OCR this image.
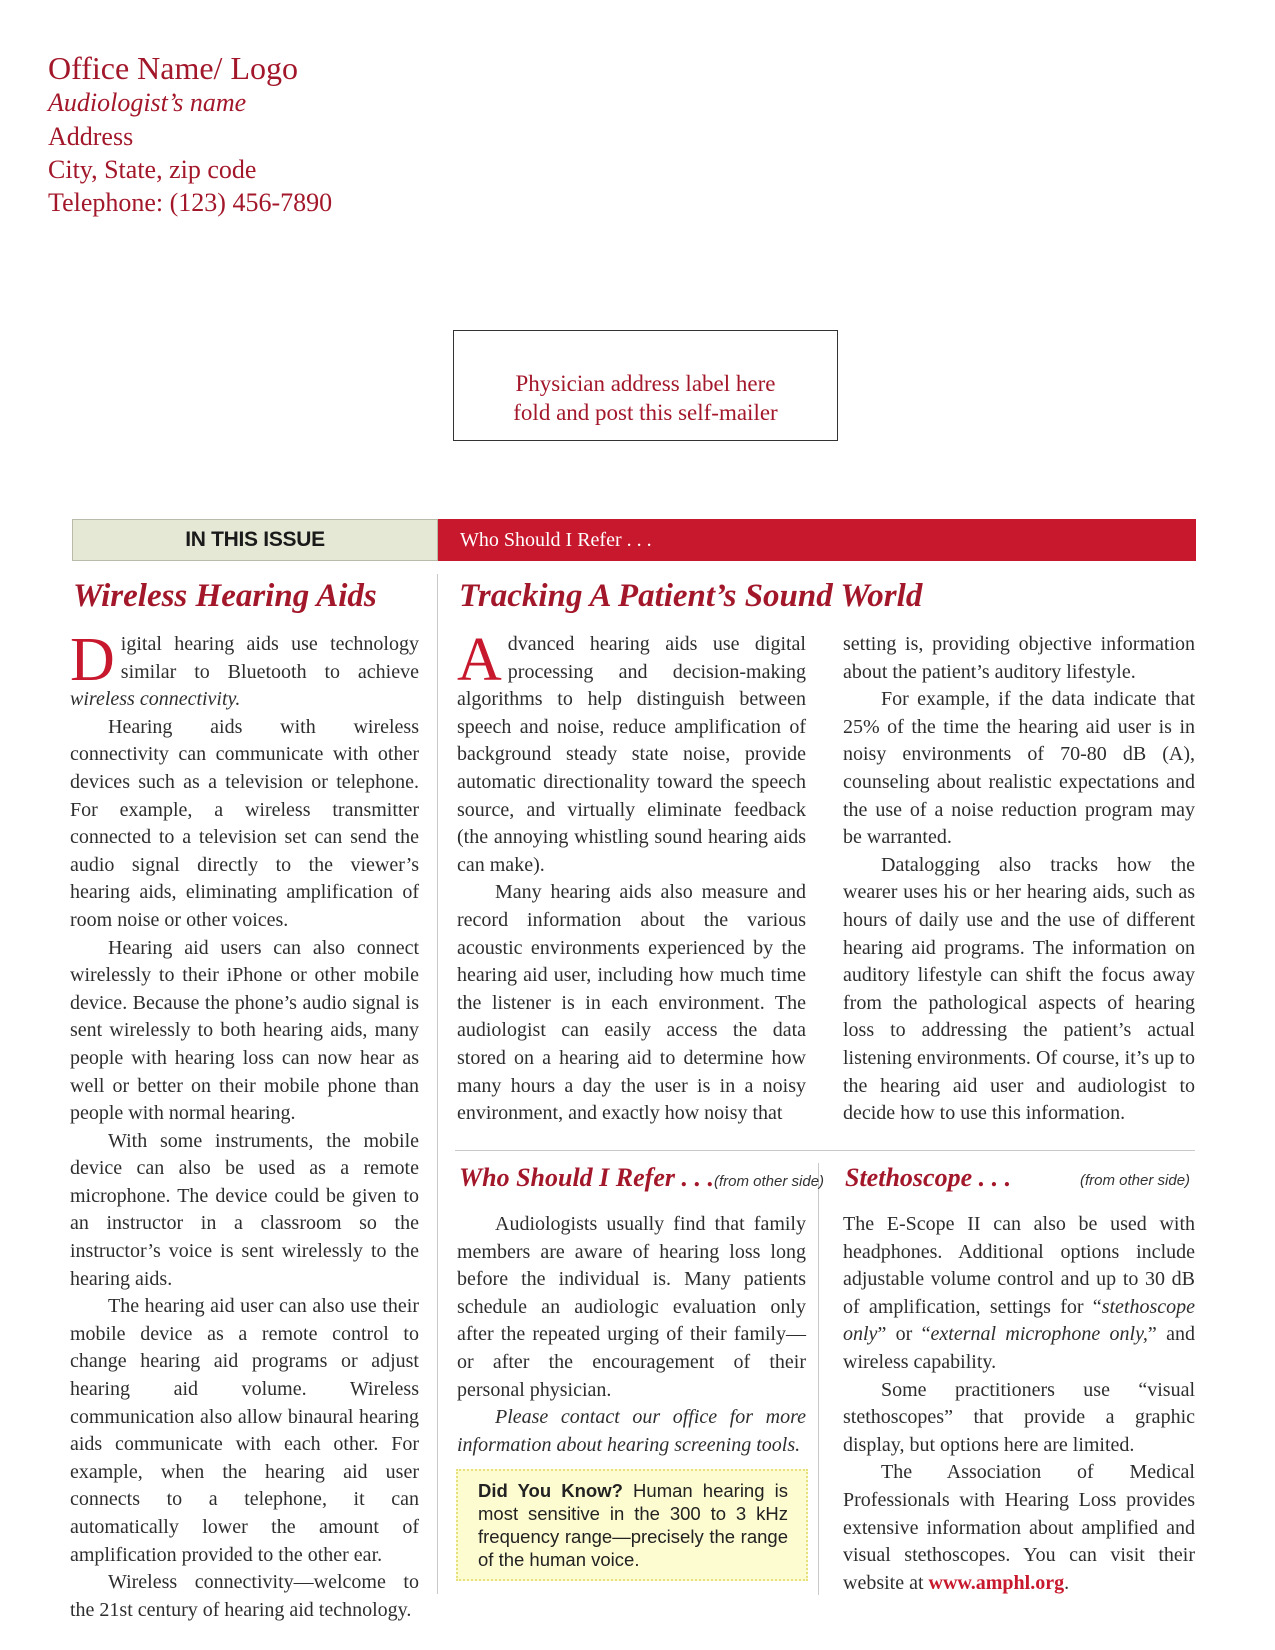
Office Name/ Logo
Audiologist’s name
Address
City, State, zip code
Telephone: (123) 456-7890
Physician address label here
fold and post this self-mailer
IN THIS ISSUE	Who Should I Refer . . .
Wireless Hearing Aids

Digital hearing aids use technology similar to Bluetooth to achieve wireless connectivity.

Hearing aids with wireless connectivity can communicate with other devices such as a television or telephone. For example, a wireless transmitter connected to a television set can send the audio signal directly to the viewer’s hearing aids, eliminating amplification of room noise or other voices.

Hearing aid users can also connect wirelessly to their iPhone or other mobile device. Because the phone’s audio signal is sent wirelessly to both hearing aids, many people with hearing loss can now hear as well or better on their mobile phone than people with normal hearing.

With some instruments, the mobile device can also be used as a remote microphone. The device could be given to an instructor in a classroom so the instructor’s voice is sent wirelessly to the hearing aids.

The hearing aid user can also use their mobile device as a remote control to change hearing aid programs or adjust hearing aid volume. Wireless communication also allow binaural hearing aids communicate with each other. For example, when the hearing aid user connects to a telephone, it can automatically lower the amount of amplification provided to the other ear.

Wireless connectivity—welcome to the 21st century of hearing aid technology.

Tracking A Patient’s Sound World

Advanced hearing aids use digital processing and decision-making algorithms to help distinguish between speech and noise, reduce amplification of background steady state noise, provide automatic directionality toward the speech source, and virtually eliminate feedback (the annoying whistling sound hearing aids can make).

Many hearing aids also measure and record information about the various acoustic environments experienced by the hearing aid user, including how much time the listener is in each environment. The audiologist can easily access the data stored on a hearing aid to determine how many hours a day the user is in a noisy environment, and exactly how noisy that

setting is, providing objective information about the patient’s auditory lifestyle.

For example, if the data indicate that 25% of the time the hearing aid user is in noisy environments of 70-80 dB (A), counseling about realistic expectations and the use of a noise reduction program may be warranted.

Datalogging also tracks how the wearer uses his or her hearing aids, such as hours of daily use and the use of different hearing aid programs. The information on auditory lifestyle can shift the focus away from the pathological aspects of hearing loss to addressing the patient’s actual listening environments. Of course, it’s up to the hearing aid user and audiologist to decide how to use this information.

Who Should I Refer . . .(from other side)

Audiologists usually find that family members are aware of hearing loss long before the individual is. Many patients schedule an audiologic evaluation only after the repeated urging of their family—or after the encouragement of their personal physician.

Please contact our office for more information about hearing screening tools.

Did You Know? Human hearing is most sensitive in the 300 to 3 kHz frequency range—precisely the range of the human voice.
Stethoscope . . .	(from other side)

The E-Scope II can also be used with headphones. Additional options include adjustable volume control and up to 30 dB of amplification, settings for “stethoscope only” or “external microphone only,” and wireless capability.

Some practitioners use “visual stethoscopes” that provide a graphic display, but options here are limited.

The Association of Medical Professionals with Hearing Loss provides extensive information about amplified and visual stethoscopes. You can visit their website at www.amphl.org.
